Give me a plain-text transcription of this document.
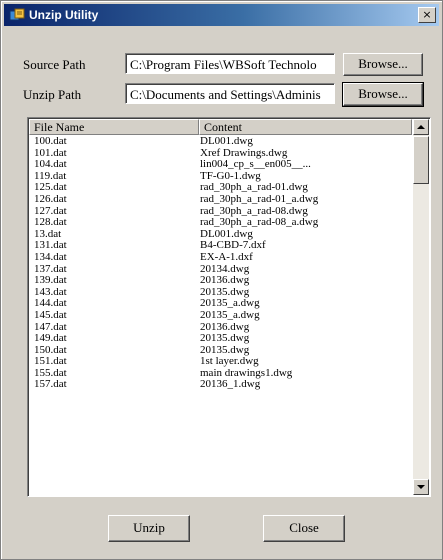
Unzip Utility	×
Source Path	C:\Program Files\WBSoft Technolo	Browse...
Unzip Path	C:\Documents and Settings\Adminis	Browse...
File Name	Content
100.dat	DL001.dwg
101.dat	Xref Drawings.dwg
104.dat	lin004_cp_s__en005__...
119.dat	TF-G0-1.dwg
125.dat	rad_30ph_a_rad-01.dwg
126.dat	rad_30ph_a_rad-01_a.dwg
127.dat	rad_30ph_a_rad-08.dwg
128.dat	rad_30ph_a_rad-08_a.dwg
13.dat	DL001.dwg
131.dat	B4-CBD-7.dxf
134.dat	EX-A-1.dxf
137.dat	20134.dwg
139.dat	20136.dwg
143.dat	20135.dwg
144.dat	20135_a.dwg
145.dat	20135_a.dwg
147.dat	20136.dwg
149.dat	20135.dwg
150.dat	20135.dwg
151.dat	1st layer.dwg
155.dat	main drawings1.dwg
157.dat	20136_1.dwg
Unzip	Close
